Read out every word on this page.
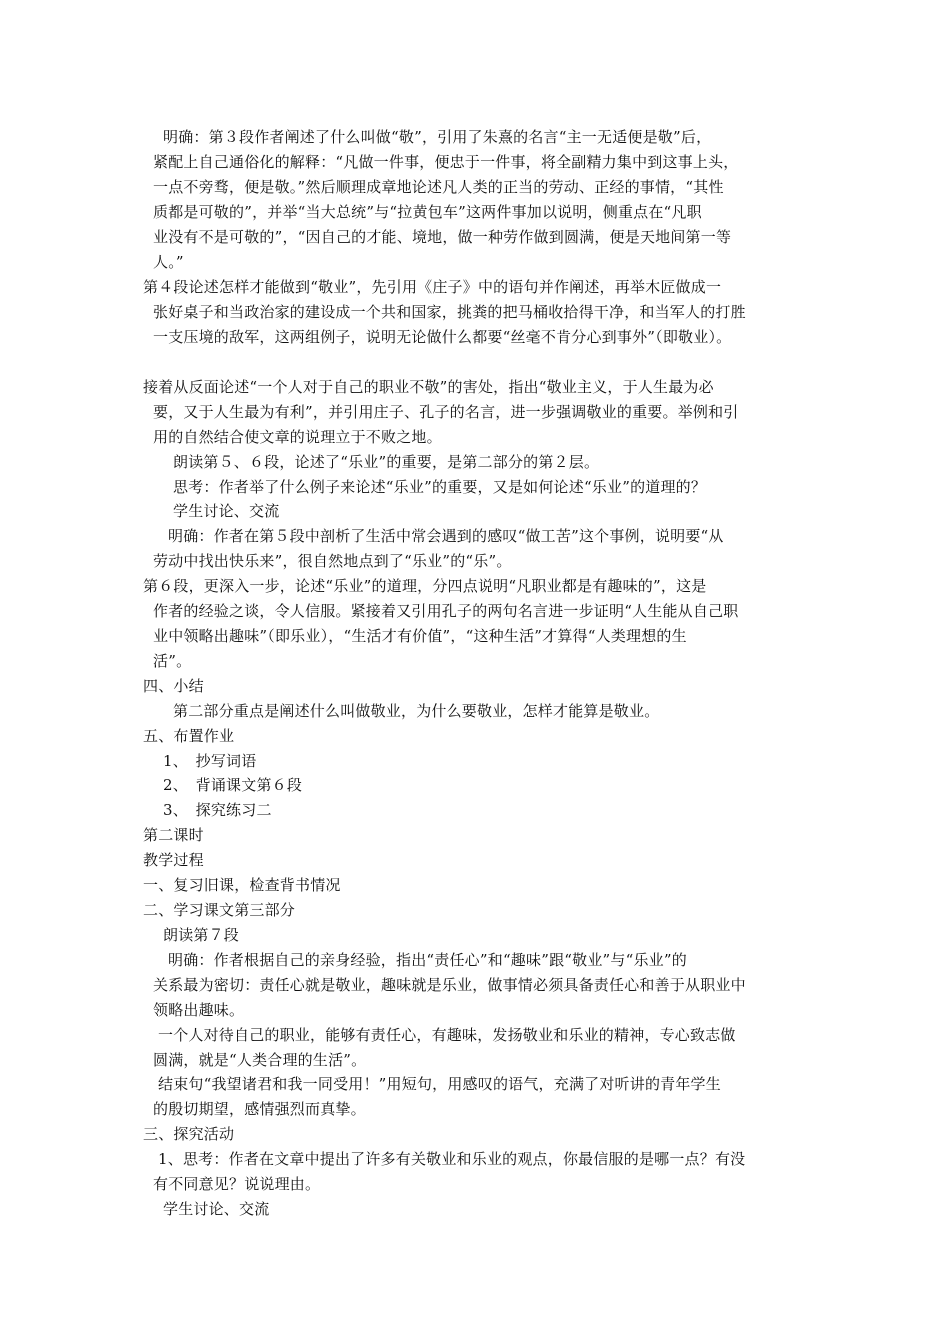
明确：第３段作者阐述了什么叫做“敬”，引用了朱熹的名言“主一无适便是敬”后，
紧配上自己通俗化的解释：“凡做一件事，便忠于一件事，将全副精力集中到这事上头，
一点不旁骛，便是敬。”然后顺理成章地论述凡人类的正当的劳动、正经的事情，“其性
质都是可敬的”，并举“当大总统”与“拉黄包车”这两件事加以说明，侧重点在“凡职
业没有不是可敬的”，“因自己的才能、境地，做一种劳作做到圆满，便是天地间第一等
人。”
第４段论述怎样才能做到“敬业”，先引用《庄子》中的语句并作阐述，再举木匠做成一
张好桌子和当政治家的建设成一个共和国家，挑粪的把马桶收拾得干净，和当军人的打胜
一支压境的敌军，这两组例子，说明无论做什么都要“丝毫不肯分心到事外”（即敬业）。
接着从反面论述“一个人对于自己的职业不敬”的害处，指出“敬业主义，于人生最为必
要，又于人生最为有利”，并引用庄子、孔子的名言，进一步强调敬业的重要。举例和引
用的自然结合使文章的说理立于不败之地。
朗读第５、６段，论述了“乐业”的重要，是第二部分的第２层。
思考：作者举了什么例子来论述“乐业”的重要，又是如何论述“乐业”的道理的？
学生讨论、交流
明确：作者在第５段中剖析了生活中常会遇到的感叹“做工苦”这个事例，说明要“从
劳动中找出快乐来”，很自然地点到了“乐业”的“乐”。
第６段，更深入一步，论述“乐业”的道理，分四点说明“凡职业都是有趣味的”，这是
作者的经验之谈，令人信服。紧接着又引用孔子的两句名言进一步证明“人生能从自己职
业中领略出趣味”（即乐业），“生活才有价值”，“这种生活”才算得“人类理想的生
活”。
四、小结
第二部分重点是阐述什么叫做敬业，为什么要敬业，怎样才能算是敬业。
五、布置作业
1、　抄写词语
2、　背诵课文第６段
3、　探究练习二
第二课时
教学过程
一、复习旧课，检查背书情况
二、学习课文第三部分
朗读第７段
明确：作者根据自己的亲身经验，指出“责任心”和“趣味”跟“敬业”与“乐业”的
关系最为密切：责任心就是敬业，趣味就是乐业，做事情必须具备责任心和善于从职业中
领略出趣味。
一个人对待自己的职业，能够有责任心，有趣味，发扬敬业和乐业的精神，专心致志做
圆满，就是“人类合理的生活”。
结束句“我望诸君和我一同受用！”用短句，用感叹的语气，充满了对听讲的青年学生
的殷切期望，感情强烈而真挚。
三、探究活动
1、思考：作者在文章中提出了许多有关敬业和乐业的观点，你最信服的是哪一点？有没
有不同意见？说说理由。
学生讨论、交流
